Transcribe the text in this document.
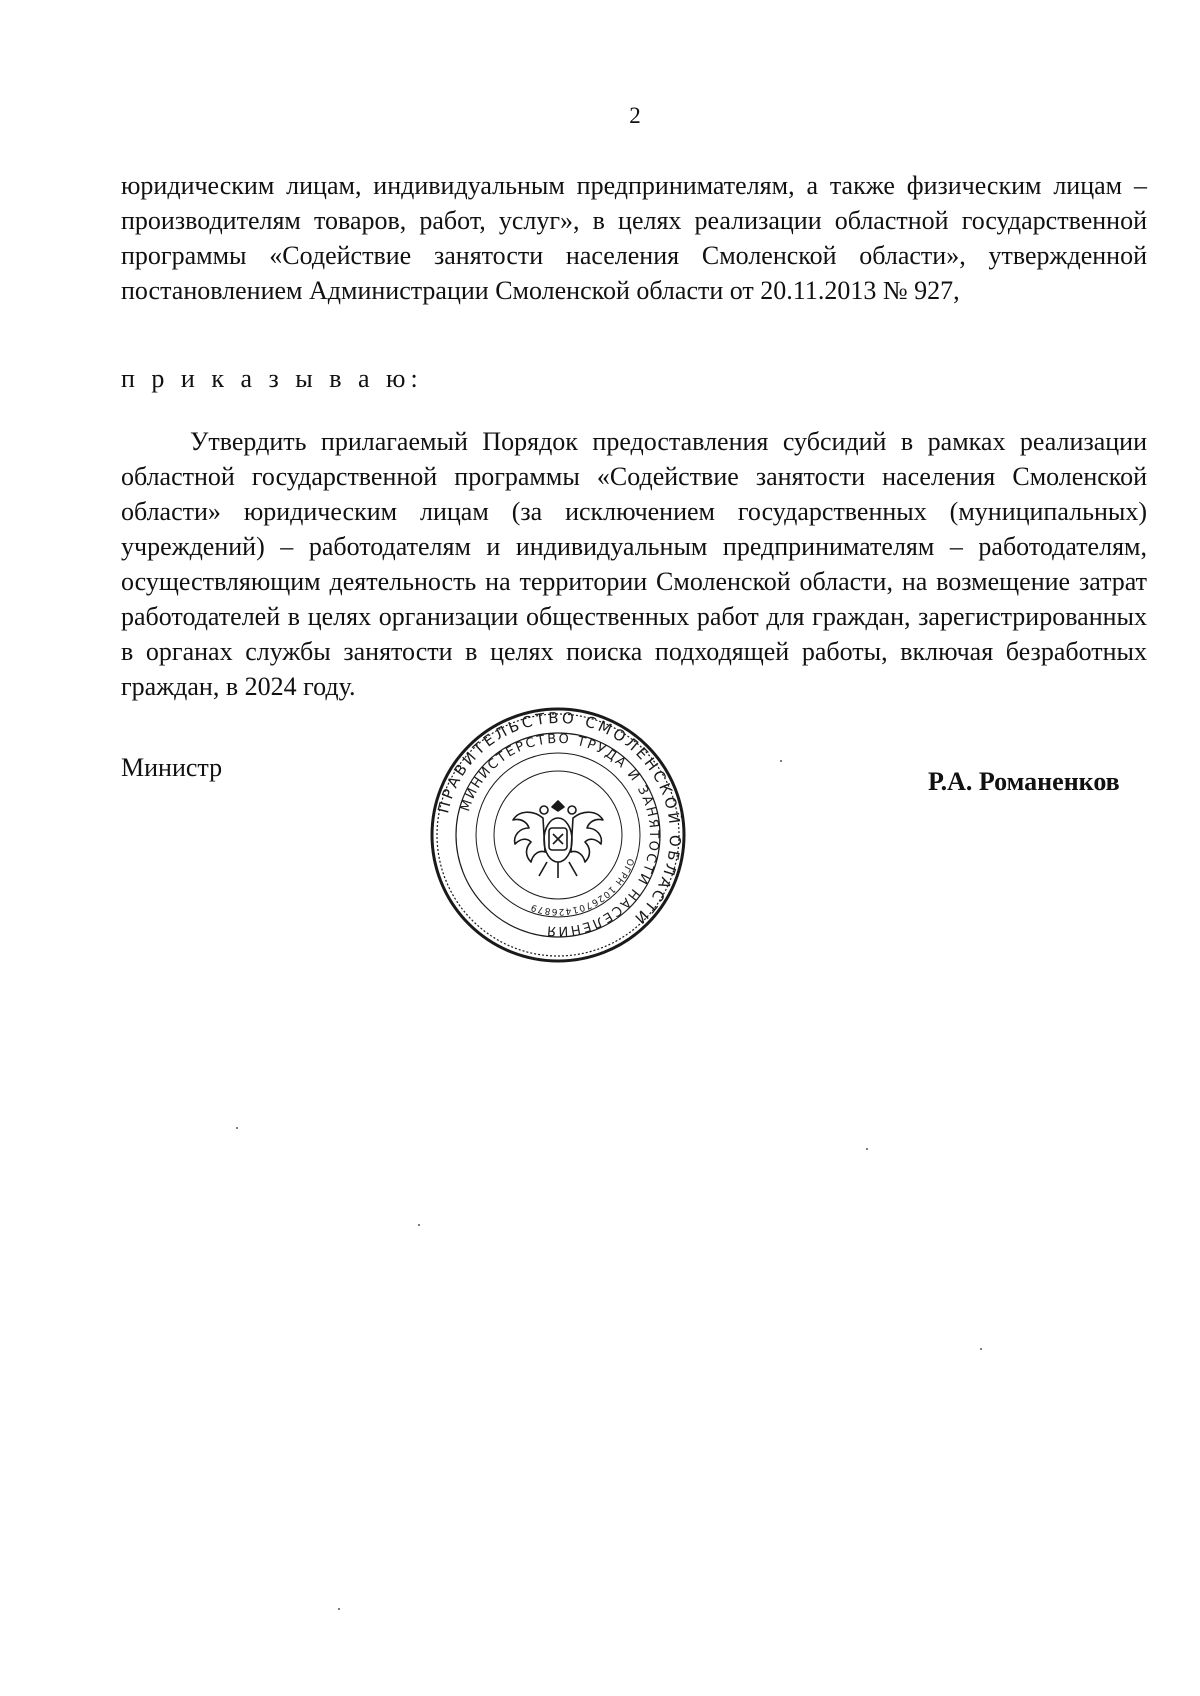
2
юридическим лицам, индивидуальным предпринимателям, а также физическим лицам – производителям товаров, работ, услуг», в целях реализации областной государственной программы «Содействие занятости населения Смоленской области», утвержденной постановлением Администрации Смоленской области от 20.11.2013 № 927,
п р и к а з ы в а ю:
Утвердить прилагаемый Порядок предоставления субсидий в рамках реализации областной государственной программы «Содействие занятости населения Смоленской области» юридическим лицам (за исключением государственных (муниципальных) учреждений) – работодателям и индивидуальным предпринимателям – работодателям, осуществляющим деятельность на территории Смоленской области, на возмещение затрат работодателей в целях организации общественных работ для граждан, зарегистрированных в органах службы занятости в целях поиска подходящей работы, включая безработных граждан, в 2024 году.
Министр
ПРАВИТЕЛЬСТВО СМОЛЕНСКОЙ ОБЛАСТИ
МИНИСТЕРСТВО ТРУДА И ЗАНЯТОСТИ НАСЕЛЕНИЯ
ОГРН 1026701426879
Р.А. Романенков
